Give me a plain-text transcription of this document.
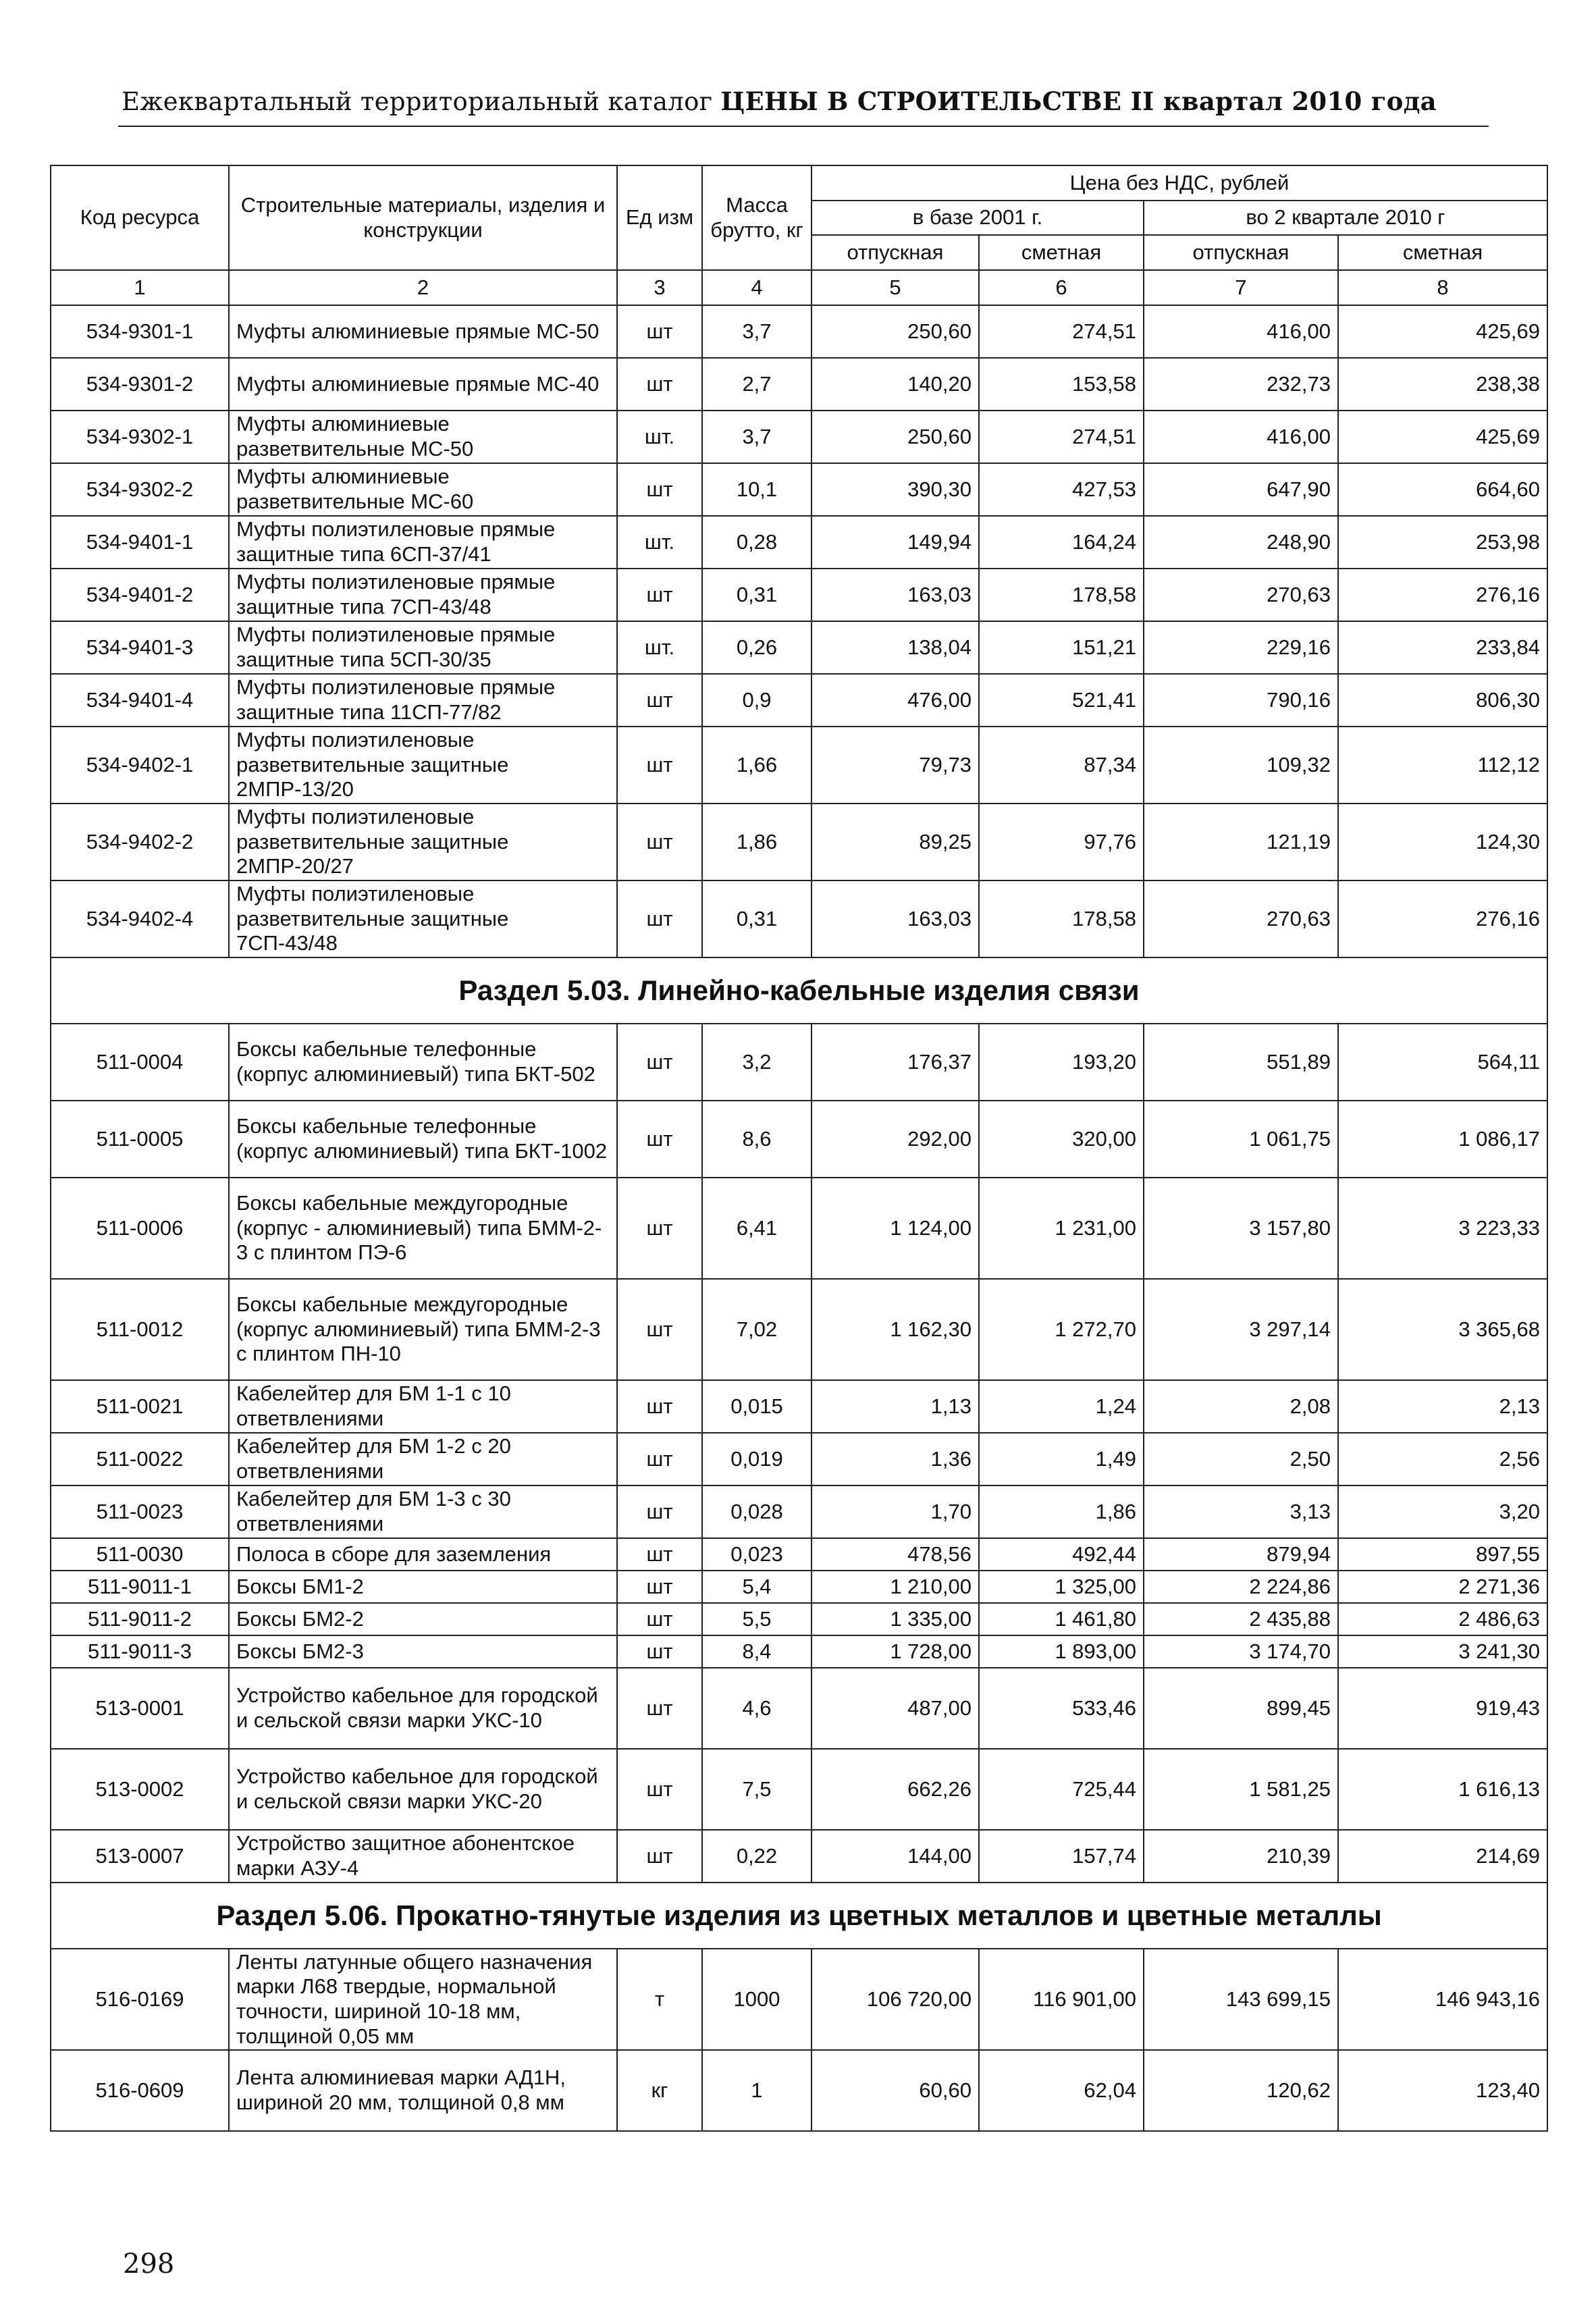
Ежеквартальный территориальный каталог ЦЕНЫ В СТРОИТЕЛЬСТВЕ II квартал 2010 года
Код ресурса	Строительные материалы, изделия и конструкции	Ед изм	Масса брутто, кг	Цена без НДС, рублей			
				в базе 2001 г.		во 2 квартале 2010 г	
				отпускная	сметная	отпускная	сметная
1	2	3	4	5	6	7	8
534-9301-1	Муфты алюминиевые прямые МС-50	шт	3,7	250,60	274,51	416,00	425,69
534-9301-2	Муфты алюминиевые прямые МС-40	шт	2,7	140,20	153,58	232,73	238,38
534-9302-1	Муфты алюминиевые разветвительные МС-50	шт.	3,7	250,60	274,51	416,00	425,69
534-9302-2	Муфты алюминиевые разветвительные МС-60	шт	10,1	390,30	427,53	647,90	664,60
534-9401-1	Муфты полиэтиленовые прямые защитные типа 6СП-37/41	шт.	0,28	149,94	164,24	248,90	253,98
534-9401-2	Муфты полиэтиленовые прямые защитные типа 7СП-43/48	шт	0,31	163,03	178,58	270,63	276,16
534-9401-3	Муфты полиэтиленовые прямые защитные типа 5СП-30/35	шт.	0,26	138,04	151,21	229,16	233,84
534-9401-4	Муфты полиэтиленовые прямые защитные типа 11СП-77/82	шт	0,9	476,00	521,41	790,16	806,30
534-9402-1	Муфты полиэтиленовые разветвительные защитные 2МПР-13/20	шт	1,66	79,73	87,34	109,32	112,12
534-9402-2	Муфты полиэтиленовые разветвительные защитные 2МПР-20/27	шт	1,86	89,25	97,76	121,19	124,30
534-9402-4	Муфты полиэтиленовые разветвительные защитные 7СП-43/48	шт	0,31	163,03	178,58	270,63	276,16
Раздел 5.03. Линейно-кабельные изделия связи							
511-0004	Боксы кабельные телефонные (корпус алюминиевый) типа БКТ-502	шт	3,2	176,37	193,20	551,89	564,11
511-0005	Боксы кабельные телефонные (корпус алюминиевый) типа БКТ-1002	шт	8,6	292,00	320,00	1 061,75	1 086,17
511-0006	Боксы кабельные междугородные (корпус - алюминиевый) типа БММ-2-3 с плинтом ПЭ-6	шт	6,41	1 124,00	1 231,00	3 157,80	3 223,33
511-0012	Боксы кабельные междугородные (корпус алюминиевый) типа БММ-2-3 с плинтом ПН-10	шт	7,02	1 162,30	1 272,70	3 297,14	3 365,68
511-0021	Кабелейтер для БМ 1-1 с 10 ответвлениями	шт	0,015	1,13	1,24	2,08	2,13
511-0022	Кабелейтер для БМ 1-2 с 20 ответвлениями	шт	0,019	1,36	1,49	2,50	2,56
511-0023	Кабелейтер для БМ 1-3 с 30 ответвлениями	шт	0,028	1,70	1,86	3,13	3,20
511-0030	Полоса в сборе для заземления	шт	0,023	478,56	492,44	879,94	897,55
511-9011-1	Боксы БМ1-2	шт	5,4	1 210,00	1 325,00	2 224,86	2 271,36
511-9011-2	Боксы БМ2-2	шт	5,5	1 335,00	1 461,80	2 435,88	2 486,63
511-9011-3	Боксы БМ2-3	шт	8,4	1 728,00	1 893,00	3 174,70	3 241,30
513-0001	Устройство кабельное для городской и сельской связи марки УКС-10	шт	4,6	487,00	533,46	899,45	919,43
513-0002	Устройство кабельное для городской и сельской связи марки УКС-20	шт	7,5	662,26	725,44	1 581,25	1 616,13
513-0007	Устройство защитное абонентское марки АЗУ-4	шт	0,22	144,00	157,74	210,39	214,69
Раздел 5.06. Прокатно-тянутые изделия из цветных металлов и цветные металлы							
516-0169	Ленты латунные общего назначения марки Л68 твердые, нормальной точности, шириной 10-18 мм, толщиной 0,05 мм	т	1000	106 720,00	116 901,00	143 699,15	146 943,16
516-0609	Лента алюминиевая марки АД1Н, шириной 20 мм, толщиной 0,8 мм	кг	1	60,60	62,04	120,62	123,40
298
